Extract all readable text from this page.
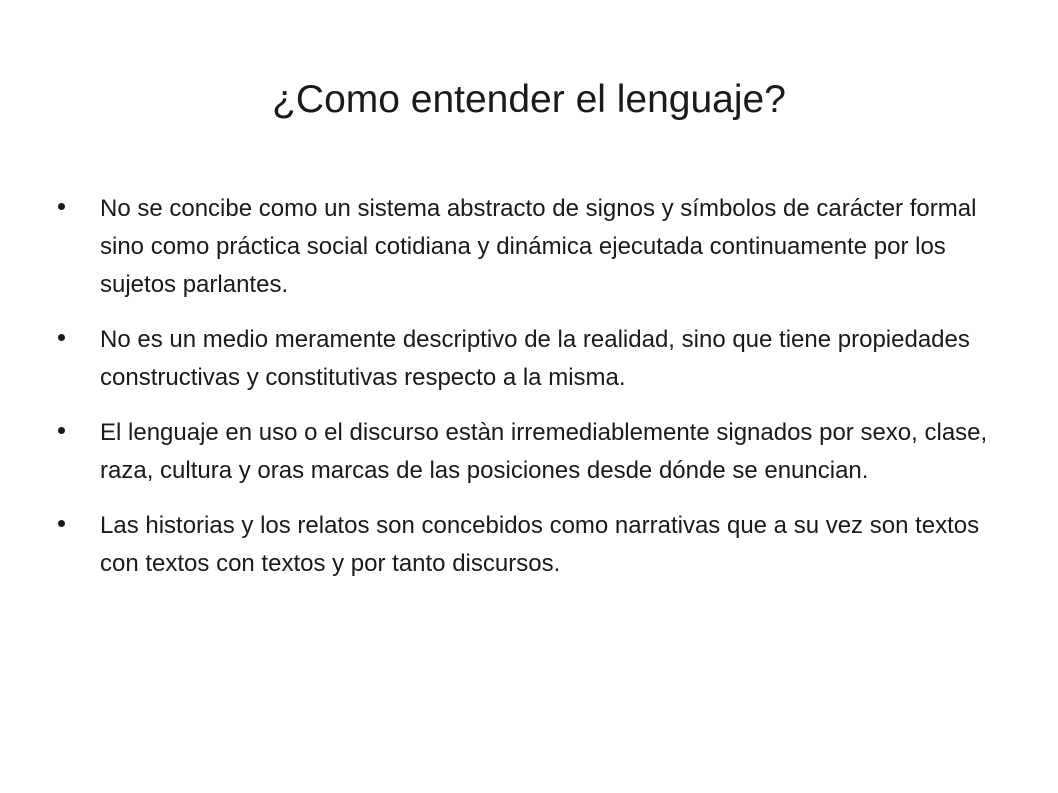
¿Como entender el lenguaje?
No se concibe como un sistema abstracto de signos y símbolos de carácter formal sino como práctica social cotidiana y dinámica ejecutada continuamente por los sujetos parlantes.
No es un medio meramente descriptivo de la realidad, sino que tiene propiedades constructivas y constitutivas respecto a la misma.
El lenguaje en uso o el discurso estàn irremediablemente signados por sexo, clase, raza, cultura y oras marcas de las posiciones desde dónde se enuncian.
Las historias y los relatos son concebidos como narrativas que a su vez son textos con textos con textos y por tanto discursos.
